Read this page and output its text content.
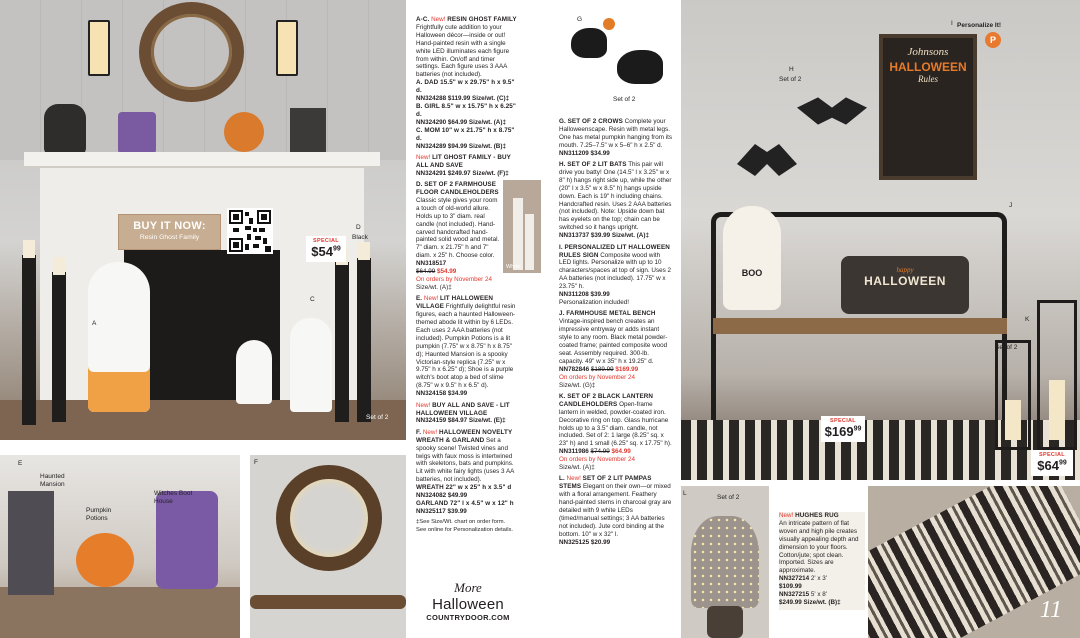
A
B
C
D
Black
Set of 2
BUY IT NOW:
Resin Ghost Family	SPECIAL
$\$54^{99}$
E
Haunted Mansion
Pumpkin Potions
Witches Boot House
F

A-C. New! RESIN GHOST FAMILY Frightfully cute addition to your Halloween décor—inside or out! Hand-painted resin with a single white LED illuminates each figure from within. On/off and timer settings. Each figure uses 3 AAA batteries (not included).
A. DAD 15.5" w x 29.75" h x 9.5" d.
NN324288 $119.99 Size/wt. (C)‡
B. GIRL 8.5" w x 15.75" h x 6.25" d.
NN324290 $64.99 Size/wt. (A)‡
C. MOM 10" w x 21.75" h x 8.75" d.
NN324289 $94.99 Size/wt. (B)‡

New! LIT GHOST FAMILY - BUY ALL AND SAVE
NN324291 $249.97 Size/wt. (F)‡

D. SET OF 2 FARMHOUSE FLOOR CANDLEHOLDERS Classic style gives your room a touch of old-world allure. Holds up to 3" diam. real candle (not included). Hand-carved handcrafted hand-painted solid wood and metal. 7" diam. x 21.75" h and 7" diam. x 25" h. Choose color.
NN318517
$64.99 $54.99
On orders by November 24
Size/wt. (A)‡

E. New! LIT HALLOWEEN VILLAGE Frightfully delightful resin figures, each a haunted Halloween-themed abode lit within by 6 LEDs. Each uses 2 AAA batteries (not included). Pumpkin Potions is a lit pumpkin (7.75" w x 8.75" h x 8.75" d); Haunted Mansion is a spooky Victorian-style replica (7.25" w x 9.75" h x 6.25" d); Shoe is a purple witch's boot atop a bed of slime (8.75" w x 9.5" h x 6.5" d).
NN324158 $34.99

New! BUY ALL AND SAVE - LIT HALLOWEEN VILLAGE
NN324159 $84.97 Size/wt. (E)‡

F. New! HALLOWEEN NOVELTY WREATH & GARLAND Set a spooky scene! Twisted vines and twigs with faux moss is intertwined with skeletons, bats and pumpkins. Lit with white fairy lights (uses 3 AA batteries, not included).
WREATH 22" w x 25" h x 3.5" d
NN324082 $49.99
GARLAND 72" l x 4.5" w x 12" h
NN325117 $39.99

‡See Size/Wt. chart on order form.
See online for Personalization details.

White
More
Halloween
COUNTRYDOOR.COM
G
Set of 2

G. SET OF 2 CROWS Complete your Halloweenscape. Resin with metal legs. One has metal pumpkin hanging from its mouth. 7.25–7.5" w x 5–6" h x 2.5" d.
NN311209 $34.99

H. SET OF 2 LIT BATS This pair will drive you batty! One (14.5" l x 3.25" w x 8" h) hangs right side up, while the other (20" l x 3.5" w x 8.5" h) hangs upside down. Each is 19" h including chains. Handcrafted resin. Uses 2 AAA batteries (not included). Note: Upside down bat has eyelets on the top; chain can be switched so it hangs upright.
NN313737 $39.99 Size/wt. (A)‡

I. PERSONALIZED LIT HALLOWEEN RULES SIGN Composite wood with LED lights. Personalize with up to 10 characters/spaces at top of sign. Uses 2 AA batteries (not included). 17.75" w x 23.75" h.
NN311208 $39.99
Personalization included!

J. FARMHOUSE METAL BENCH Vintage-inspired bench creates an impressive entryway or adds instant style to any room. Black metal powder-coated frame; painted composite wood seat. Assembly required. 300-lb. capacity. 49" w x 35" h x 19.25" d.
NN782846 $189.99 $169.99
On orders by November 24
Size/wt. (G)‡

K. SET OF 2 BLACK LANTERN CANDLEHOLDERS Open-frame lantern in welded, powder-coated iron. Decorative ring on top. Glass hurricane holds up to a 3.5" diam. candle, not included. Set of 2: 1 large (8.25" sq. x 23" h) and 1 small (6.25" sq. x 17.75" h).
NN311986 $74.99 $64.99
On orders by November 24
Size/wt. (A)‡

L. New! SET OF 2 LIT PAMPAS STEMS Elegant on their own—or mixed with a floral arrangement. Feathery hand-painted stems in charcoal gray are detailed with 9 white LEDs (timed/manual settings; 3 AA batteries not included). Jute cord binding at the bottom. 10" w x 32" l.
NN325125 $20.99

Johnsons
HALLOWEEN
Rules
Personalize It!
P
I
H
Set of 2
J
happy
HALLOWEEN
BOO
K
Set of 2
SPECIAL
$\$169^{99}$
SPECIAL
$\$64^{99}$
L
Set of 2

New! HUGHES RUG
An intricate pattern of flat woven and high pile creates visually appealing depth and dimension to your floors. Cotton/jute; spot clean. Imported. Sizes are approximate.
NN327214 2' x 3'
$109.99
NN327215 5' x 8'
$249.99 Size/wt. (B)‡	11
